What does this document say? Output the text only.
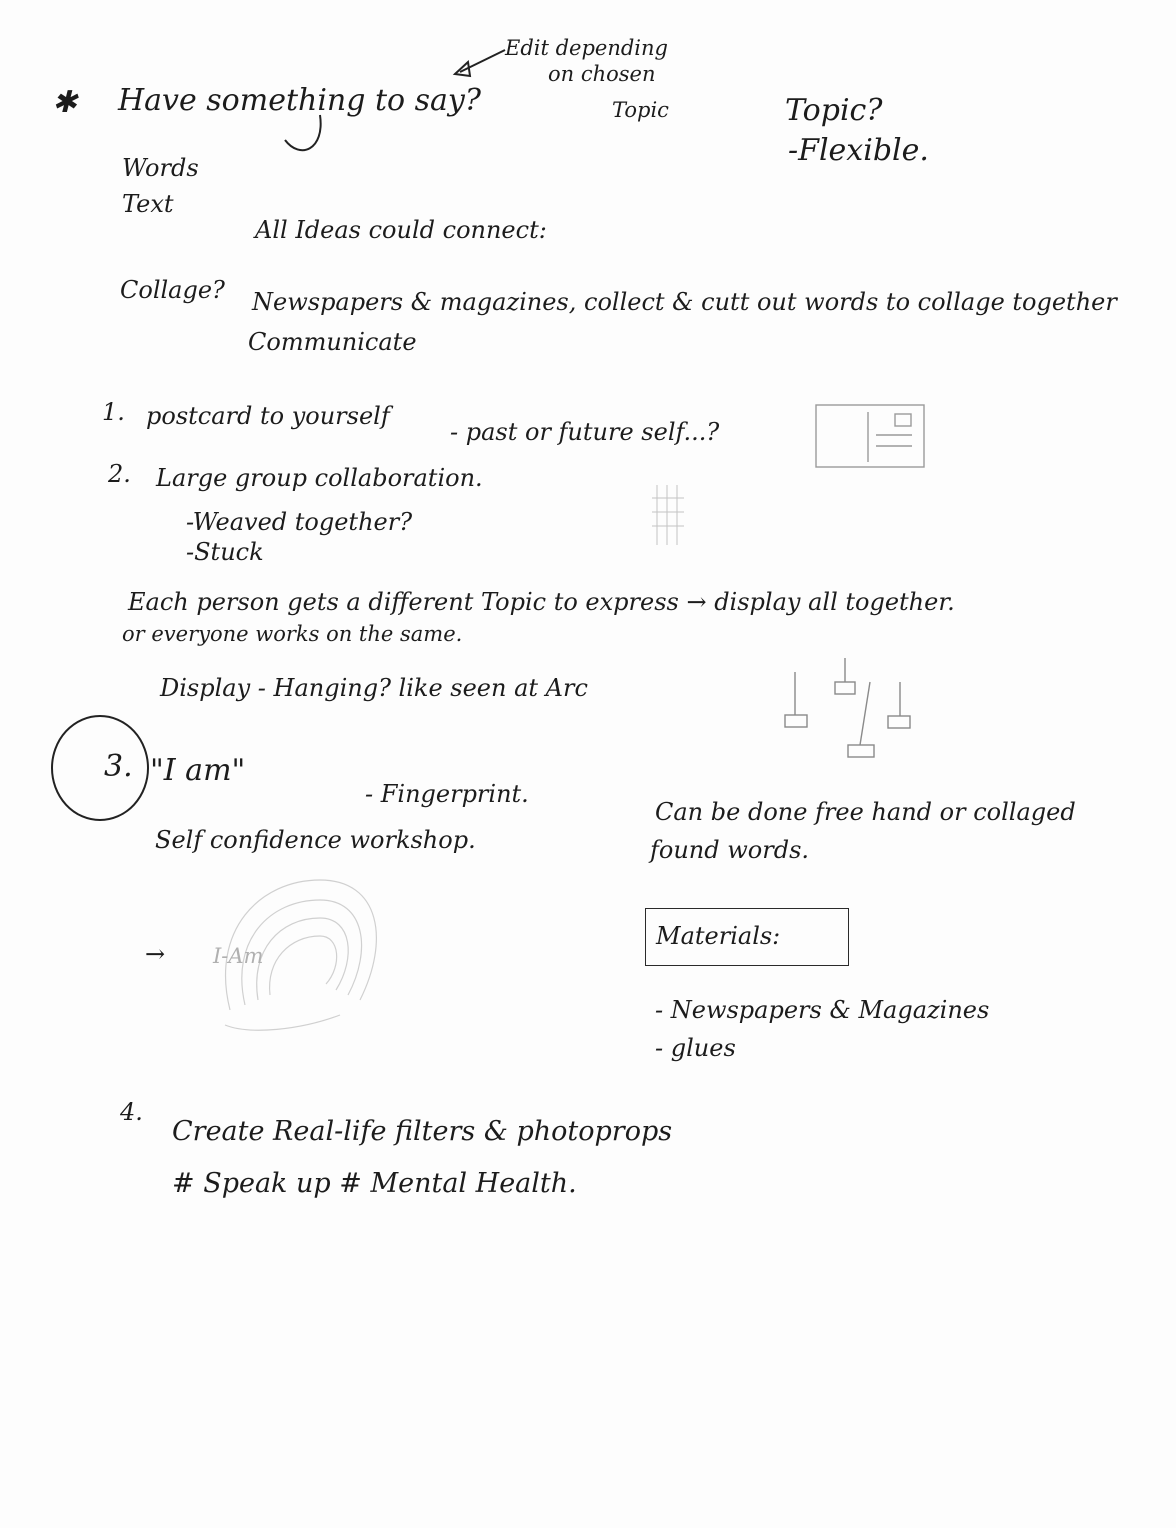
✱ Have something to say?
Edit depending
on chosen
Topic	Topic?
-Flexible.
Words
Text
All Ideas could connect:
Collage? Newspapers & magazines, collect & cutt out words to collage together
Communicate
1. postcard to yourself
- past or future self...?
2. Large group collaboration.
-Weaved together?
-Stuck
Each person gets a different Topic to express → display all together.
or everyone works on the same.
Display - Hanging? like seen at Arc
3. "I am"
- Fingerprint.
Self confidence workshop.
Can be done free hand or collaged
found words.
→ I-Am
Materials:
- Newspapers & Magazines
- glues
4.
Create Real-life filters & photoprops
# Speak up # Mental Health.
